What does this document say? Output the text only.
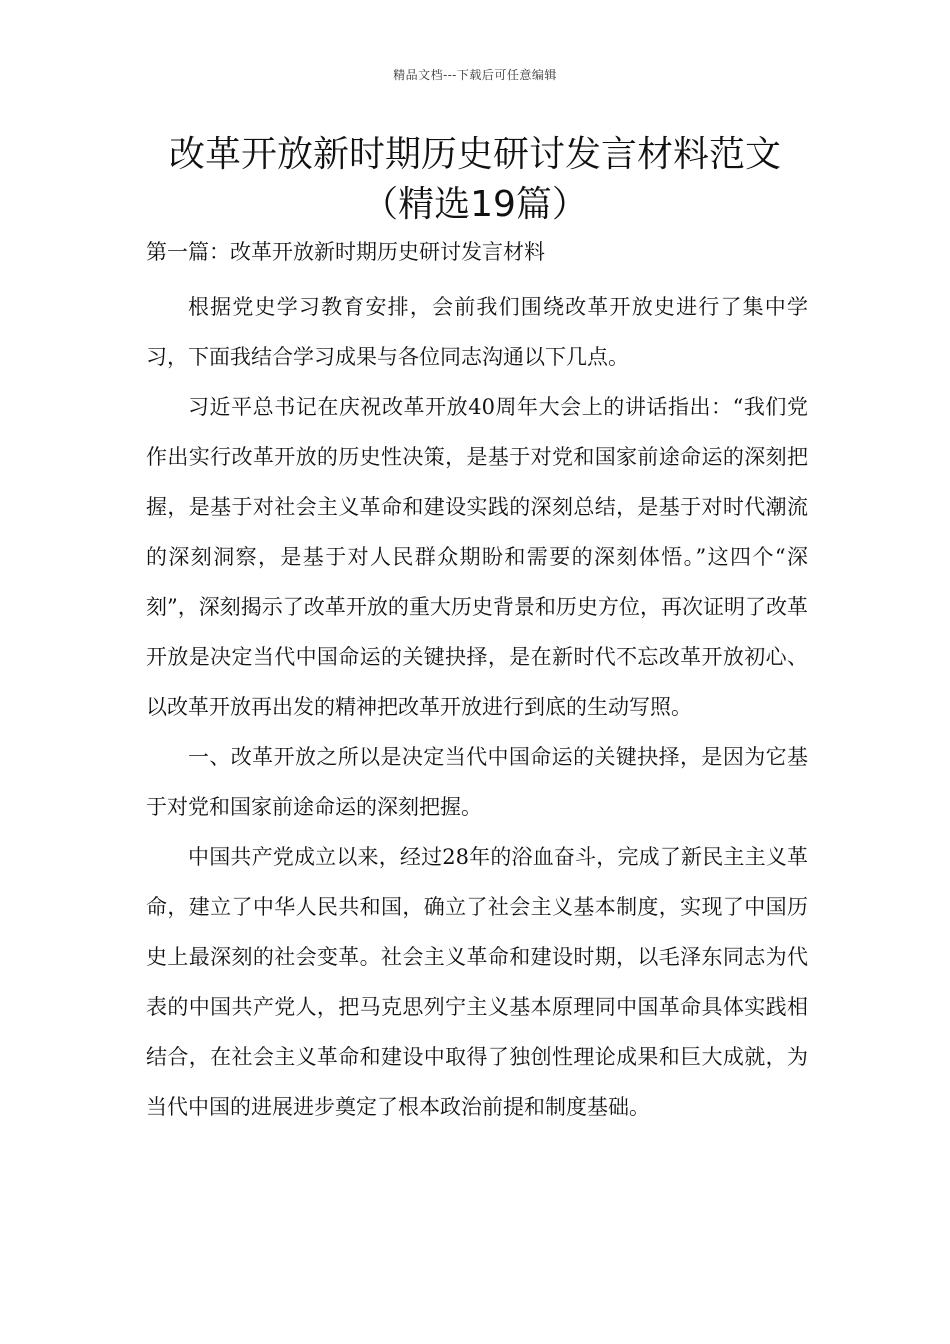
精品文档---下载后可任意编辑
改革开放新时期历史研讨发言材料范文
（精选19篇）

第一篇：改革开放新时期历史研讨发言材料

根据党史学习教育安排，会前我们围绕改革开放史进行了集中学习，下面我结合学习成果与各位同志沟通以下几点。

习近平总书记在庆祝改革开放40周年大会上的讲话指出：“我们党作出实行改革开放的历史性决策，是基于对党和国家前途命运的深刻把握，是基于对社会主义革命和建设实践的深刻总结，是基于对时代潮流的深刻洞察，是基于对人民群众期盼和需要的深刻体悟。”这四个“深刻”，深刻揭示了改革开放的重大历史背景和历史方位，再次证明了改革开放是决定当代中国命运的关键抉择，是在新时代不忘改革开放初心、以改革开放再出发的精神把改革开放进行到底的生动写照。

一、改革开放之所以是决定当代中国命运的关键抉择，是因为它基于对党和国家前途命运的深刻把握。

中国共产党成立以来，经过28年的浴血奋斗，完成了新民主主义革命，建立了中华人民共和国，确立了社会主义基本制度，实现了中国历史上最深刻的社会变革。社会主义革命和建设时期，以毛泽东同志为代表的中国共产党人，把马克思列宁主义基本原理同中国革命具体实践相结合，在社会主义革命和建设中取得了独创性理论成果和巨大成就，为当代中国的进展进步奠定了根本政治前提和制度基础。
